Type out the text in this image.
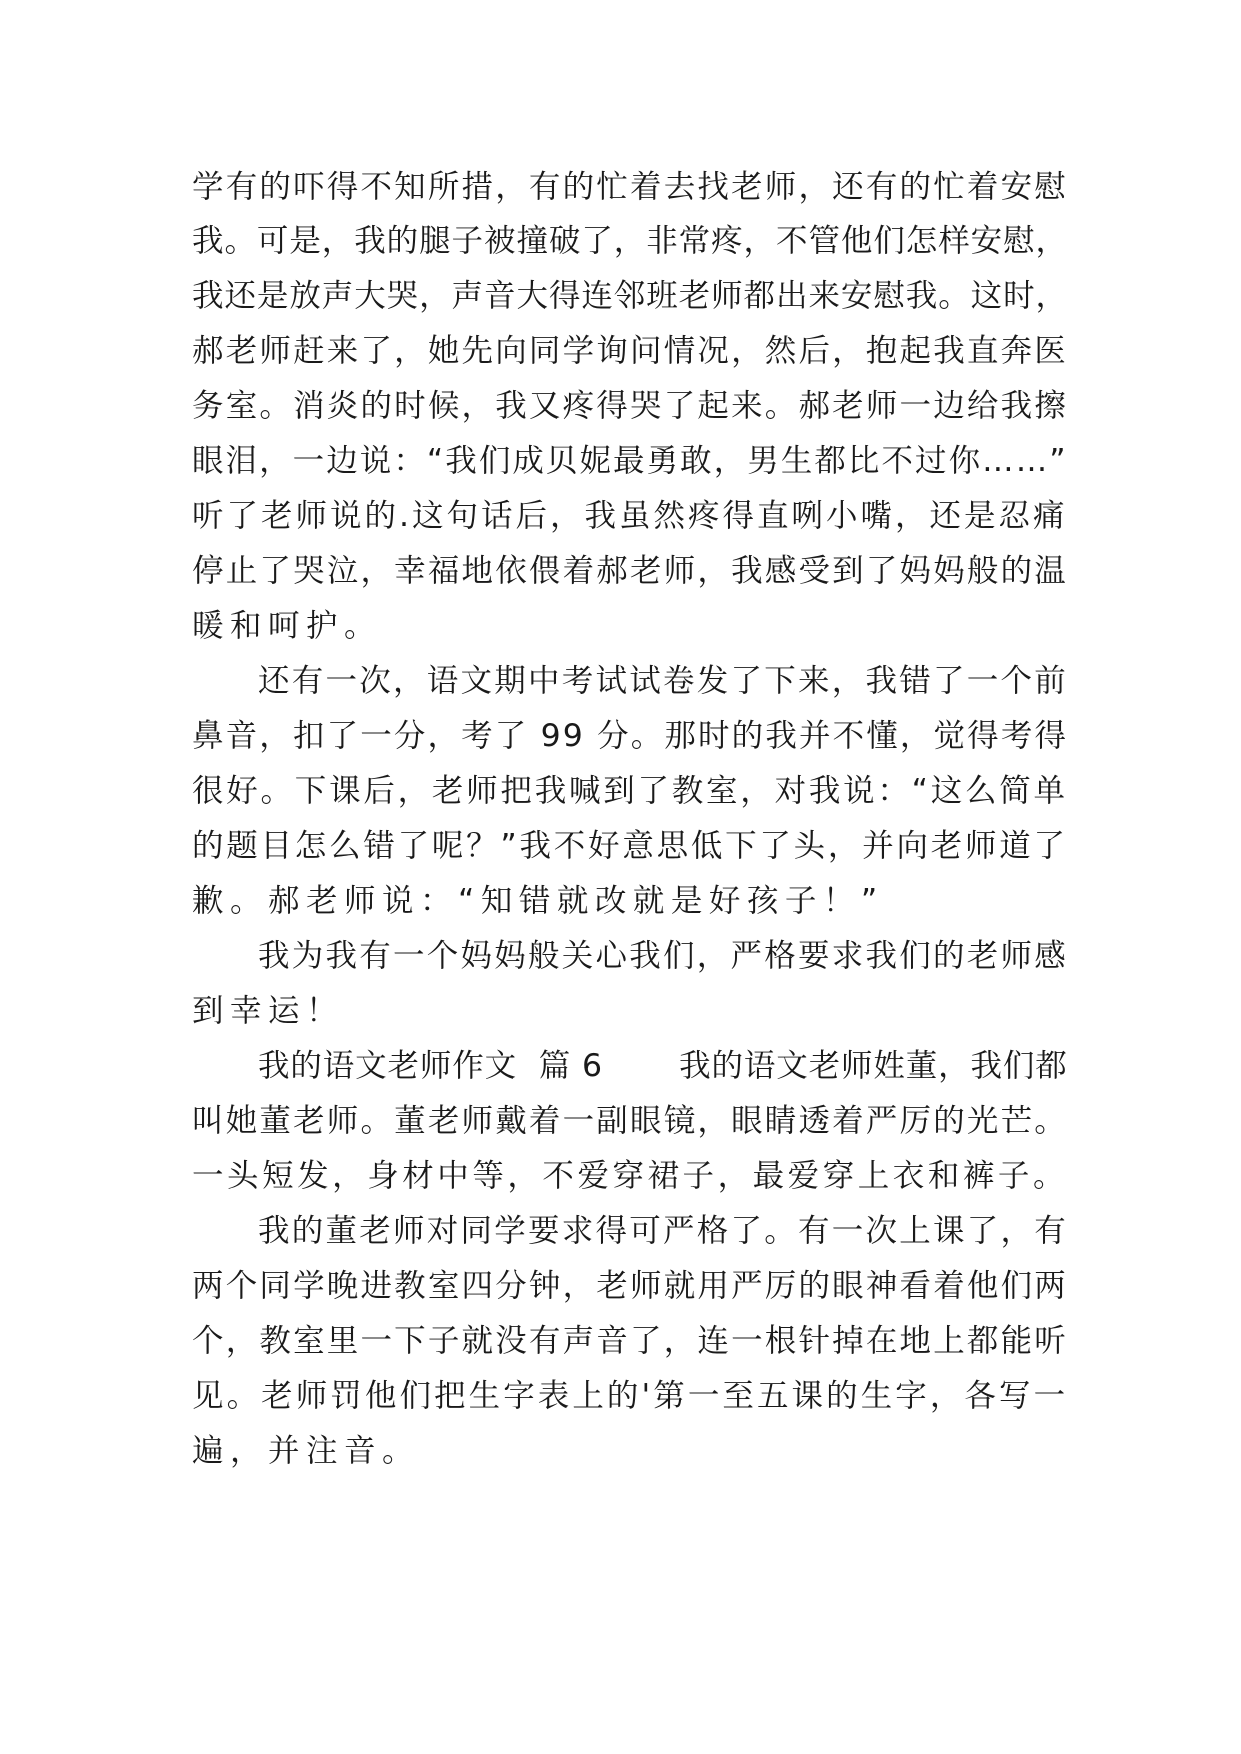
学有的吓得不知所措，有的忙着去找老师，还有的忙着安慰
我。可是，我的腿子被撞破了，非常疼，不管他们怎样安慰，
我还是放声大哭，声音大得连邻班老师都出来安慰我。这时，
郝老师赶来了，她先向同学询问情况，然后，抱起我直奔医
务室。消炎的时候，我又疼得哭了起来。郝老师一边给我擦
眼泪，一边说：“我们成贝妮最勇敢，男生都比不过你……”
听了老师说的.这句话后，我虽然疼得直咧小嘴，还是忍痛
停止了哭泣，幸福地依偎着郝老师，我感受到了妈妈般的温
暖和呵护。
还有一次，语文期中考试试卷发了下来，我错了一个前
鼻音，扣了一分，考了 99 分。那时的我并不懂，觉得考得
很好。下课后，老师把我喊到了教室，对我说：“这么简单
的题目怎么错了呢？”我不好意思低下了头，并向老师道了
歉。郝老师说：“知错就改就是好孩子！”
我为我有一个妈妈般关心我们，严格要求我们的老师感
到幸运！
我的语文老师作文  篇 6       我的语文老师姓董，我们都
叫她董老师。董老师戴着一副眼镜，眼睛透着严厉的光芒。
一头短发，身材中等，不爱穿裙子，最爱穿上衣和裤子。
我的董老师对同学要求得可严格了。有一次上课了，有
两个同学晚进教室四分钟，老师就用严厉的眼神看着他们两
个，教室里一下子就没有声音了，连一根针掉在地上都能听
见。老师罚他们把生字表上的'第一至五课的生字，各写一
遍，并注音。
